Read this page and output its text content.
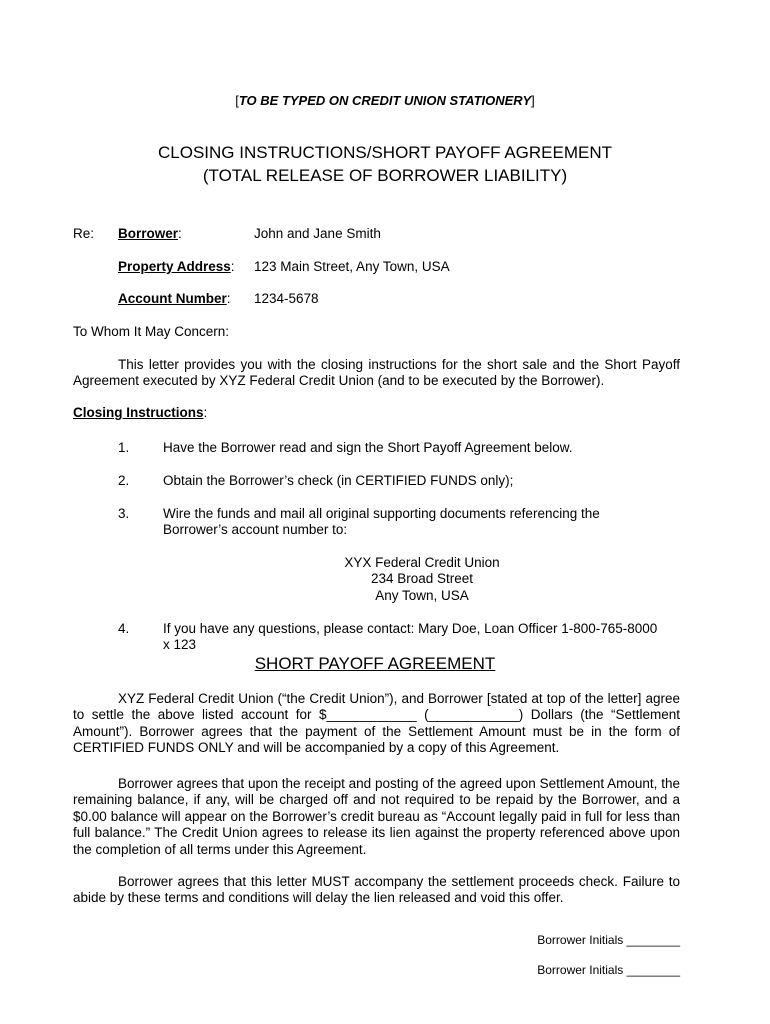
[TO BE TYPED ON CREDIT UNION STATIONERY]
CLOSING INSTRUCTIONS/SHORT PAYOFF AGREEMENT
(TOTAL RELEASE OF BORROWER LIABILITY)
Re: Borrower:	John and Jane Smith
Property Address: 123 Main Street, Any Town, USA
Account Number: 1234-5678
To Whom It May Concern:
This letter provides you with the closing instructions for the short sale and the Short Payoff Agreement executed by XYZ Federal Credit Union (and to be executed by the Borrower).
Closing Instructions:
1. Have the Borrower read and sign the Short Payoff Agreement below.
2. Obtain the Borrower’s check (in CERTIFIED FUNDS only);
3. Wire the funds and mail all original supporting documents referencing the
Borrower’s account number to:
XYX Federal Credit Union
234 Broad Street
Any Town, USA
4. If you have any questions, please contact: Mary Doe, Loan Officer 1-800-765-8000
x 123
SHORT PAYOFF AGREEMENT
XYZ Federal Credit Union (“the Credit Union”), and Borrower [stated at top of the letter] agree to settle the above listed account for $____________ (____________) Dollars (the “Settlement Amount”). Borrower agrees that the payment of the Settlement Amount must be in the form of CERTIFIED FUNDS ONLY and will be accompanied by a copy of this Agreement.
Borrower agrees that upon the receipt and posting of the agreed upon Settlement Amount, the remaining balance, if any, will be charged off and not required to be repaid by the Borrower, and a $0.00 balance will appear on the Borrower’s credit bureau as “Account legally paid in full for less than full balance.” The Credit Union agrees to release its lien against the property referenced above upon the completion of all terms under this Agreement.
Borrower agrees that this letter MUST accompany the settlement proceeds check. Failure to abide by these terms and conditions will delay the lien released and void this offer.
Borrower Initials ________
Borrower Initials ________
